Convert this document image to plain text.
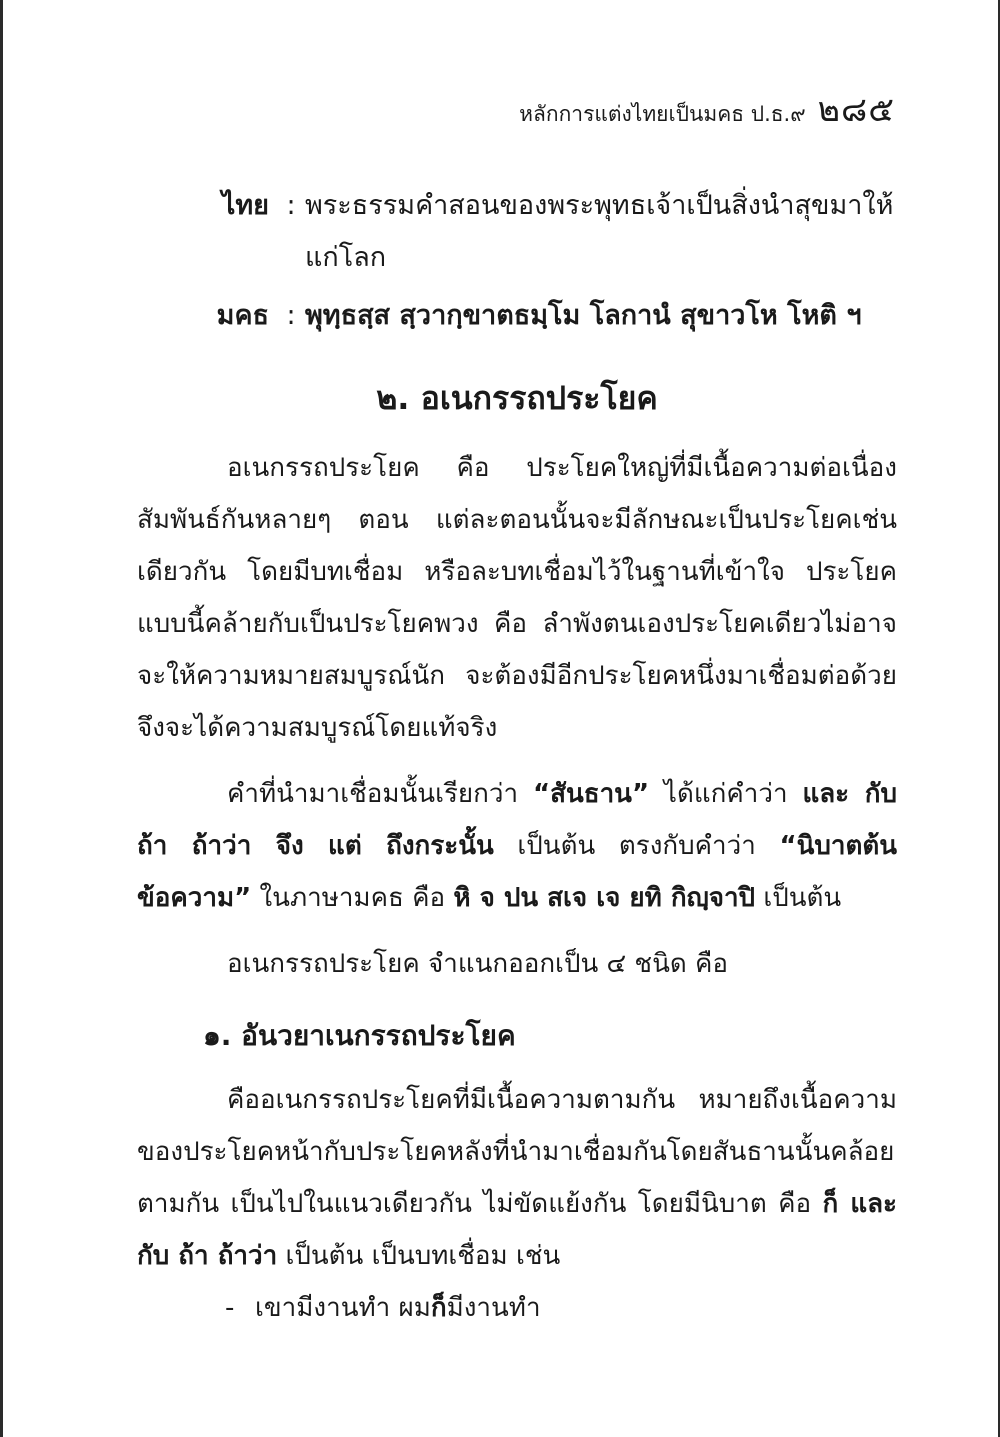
หลักการแต่งไทยเป็นมคธ ป.ธ.๙ ๒๘๕
ไทย : พระธรรมคำสอนของพระพุทธเจ้าเป็นสิ่งนำสุขมาให้แก่โลก
มคธ : พุทฺธสฺส สฺวากฺขาตธมฺโม โลกานํ สุขาวโห โหติ ฯ
๒. อเนกรรถประโยค

อเนกรรถประโยค คือ ประโยคใหญ่ที่มีเนื้อความต่อเนื่องสัมพันธ์กันหลายๆ ตอน แต่ละตอนนั้นจะมีลักษณะเป็นประโยคเช่นเดียวกัน โดยมีบทเชื่อม หรือละบทเชื่อมไว้ในฐานที่เข้าใจ ประโยคแบบนี้คล้ายกับเป็นประโยคพวง คือ ลำพังตนเองประโยคเดียวไม่อาจจะให้ความหมายสมบูรณ์นัก จะต้องมีอีกประโยคหนึ่งมาเชื่อมต่อด้วย จึงจะได้ความสมบูรณ์โดยแท้จริง

คำที่นำมาเชื่อมนั้นเรียกว่า “สันธาน” ได้แก่คำว่า และ กับ ถ้า ถ้าว่า จึง แต่ ถึงกระนั้น เป็นต้น ตรงกับคำว่า “นิบาตต้นข้อความ” ในภาษามคธ คือ หิ จ ปน สเจ เจ ยทิ กิญฺจาปิ เป็นต้น

อเนกรรถประโยค จำแนกออกเป็น ๔ ชนิด คือ

๑. อันวยาเนกรรถประโยค

คืออเนกรรถประโยคที่มีเนื้อความตามกัน หมายถึงเนื้อความของประโยคหน้ากับประโยคหลังที่นำมาเชื่อมกันโดยสันธานนั้นคล้อยตามกัน เป็นไปในแนวเดียวกัน ไม่ขัดแย้งกัน โดยมีนิบาต คือ ก็ และ กับ ถ้า ถ้าว่า เป็นต้น เป็นบทเชื่อม เช่น

- เขามีงานทำ ผมก็มีงานทำ
